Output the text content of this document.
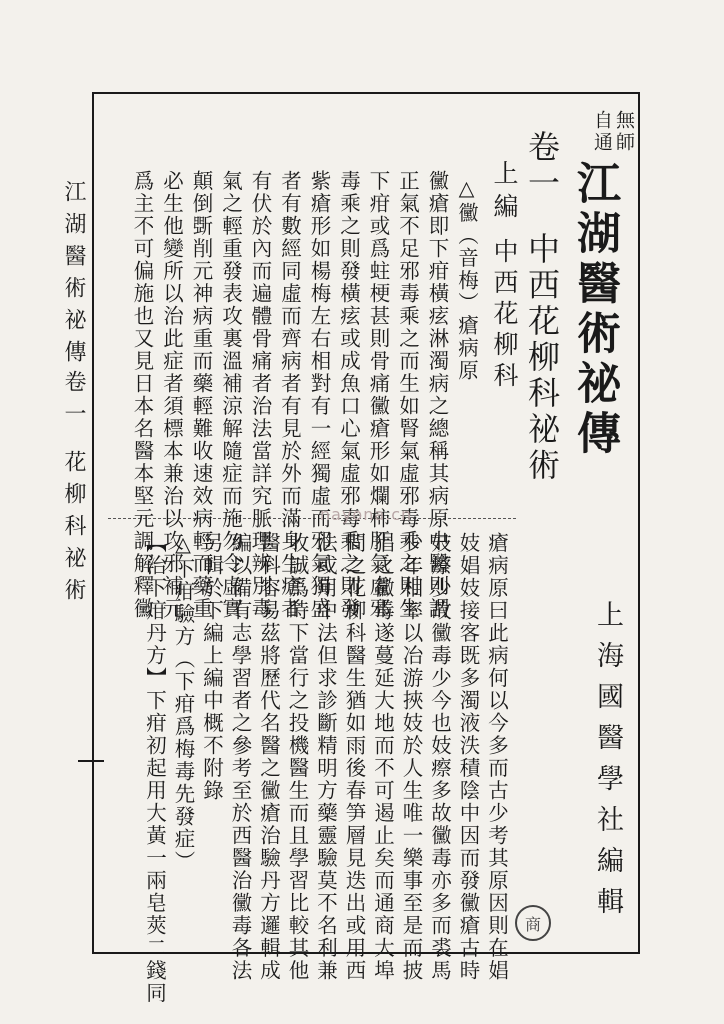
無師
自通
江湖醫術祕傳
卷一
中西花柳科祕術
上編
中西花柳科
△黴（音梅）瘡病原
黴瘡即下疳橫痃淋濁病之總稱其病原中醫則謂
正氣不足邪毒乘之而生如腎氣虛邪毒乘之則生
下疳或爲蛀梗甚則骨痛黴瘡形如爛柿肝氣虛邪
毒乘之則發橫痃或成魚口心氣虛邪毒乘之則發
紫瘡形如楊梅左右相對有一經獨虛而邪氣獨盛
者有數經同虛而齊病者有見於外而滿身生瘡者
有伏於內而遍體骨痛者治法當詳究脈理辨別毒
氣之輕重發表攻裏溫補涼解隨症而施勿令虛實
顛倒斲削元神病重而藥輕難收速效病輕而藥重
必生他變所以治此症者須標本兼治以攻邪補元
爲主不可偏施也又見日本名醫本堅元調解釋黴
瘡病原曰此病何以今多而古少考其原因則在娼
妓娼妓接客既多濁液泆積陰中因而發黴瘡古時
妓瘵少故黴毒少今也妓瘵多故黴毒亦多而裘馬
少年相率以冶游挾妓於人生唯一樂事至是而披
猖之黴毒遂蔓延大地而不可遏止矣而通商大埠
間之花柳科醫生猶如雨後春笋層見迭出或用西
法或用中法但求診斷精明方藥靈驗莫不名利兼
收誠爲時下當行之投機醫生而且學習比較其他
醫科容易茲將歷代名醫之黴瘡治驗丹方邏輯成
編以備有志學習者之參考至於西醫治黴毒各法
另輯於下編上編中概不附錄
△下疳驗方（下疳爲梅毒先發症）
【治下疳丹方】下疳初起用大黃一兩皂莢二錢同	上海國醫學社編輯
江湖醫術祕傳
卷一
花柳科祕術	nayona.cn
商
